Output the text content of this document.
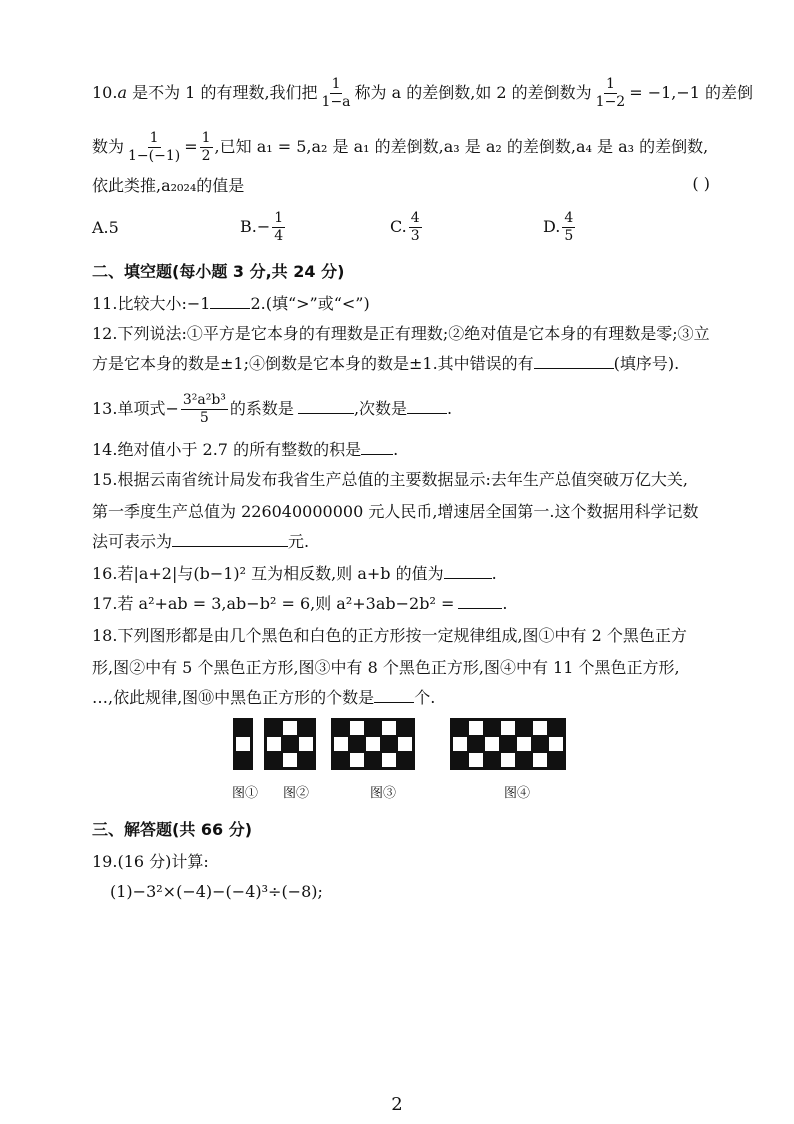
10.a 是不为 1 的有理数,我们把 $\frac{1}{1-a}$ 称为 a 的差倒数,如 2 的差倒数为 $\frac{1}{1-2} = -1,-1$ 的差倒
数为 $\frac{1}{1-(-1)} = \frac{1}{2}$ ,已知 a₁ = 5,a₂ 是 a₁ 的差倒数,a₃ 是 a₂ 的差倒数,a₄ 是 a₃ 的差倒数,
依此类推,a₂₀₂₄的值是	( )
A.5	$B.- \frac{1}{4}$	C. $\frac{4}{3}$	D. $\frac{4}{5}$
二、填空题(每小题 3 分,共 24 分)
11.比较大小:−1	2.(填“>”或“<”)
12.下列说法:①平方是它本身的有理数是正有理数;②绝对值是它本身的有理数是零;③立
方是它本身的数是±1;④倒数是它本身的数是±1.其中错误的有	(填序号).
13.单项式− $\frac{\text{3²a²b³}}{5}$ 的系数是	,次数是	.
14.绝对值小于 2.7 的所有整数的积是 .
15.根据云南省统计局发布我省生产总值的主要数据显示:去年生产总值突破万亿大关,
第一季度生产总值为 226040000000 元人民币,增速居全国第一.这个数据用科学记数
法可表示为	元.
16.若|a+2|与(b−1)² 互为相反数,则 a+b 的值为	.
17.若 a²+ab = 3,ab−b² = 6,则 a²+3ab−2b² =	.
18.下列图形都是由几个黑色和白色的正方形按一定规律组成,图①中有 2 个黑色正方
形,图②中有 5 个黑色正方形,图③中有 8 个黑色正方形,图④中有 11 个黑色正方形,
…,依此规律,图⑩中黑色正方形的个数是	个.
图① 图②	图③	图④
三、解答题(共 66 分)
19.(16 分)计算:
(1)−3²×(−4)−(−4)³÷(−8);
2
